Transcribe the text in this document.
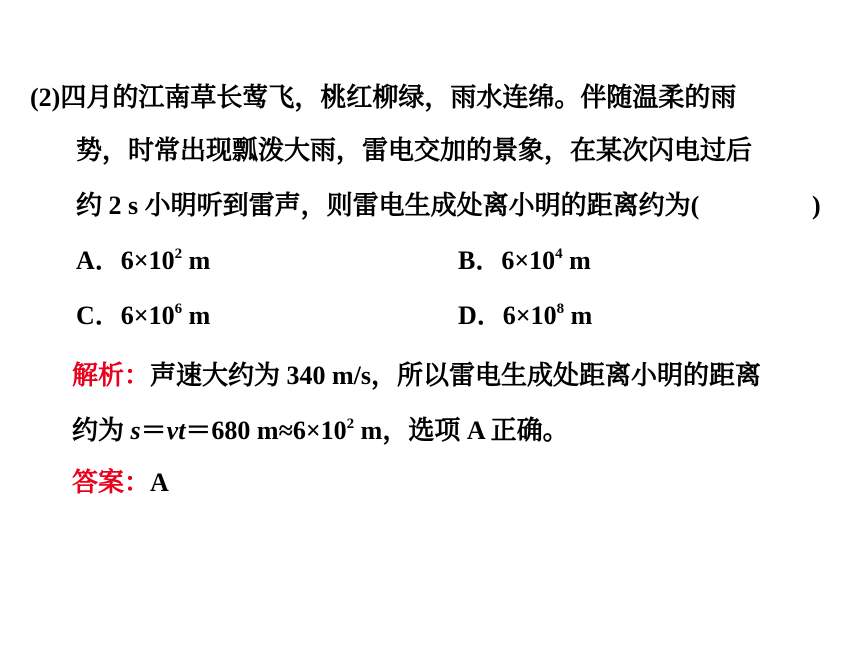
(2)四月的江南草长莺飞，桃红柳绿，雨水连绵。伴随温柔的雨
势，时常出现瓢泼大雨，雷电交加的景象，在某次闪电过后
约 2 s 小明听到雷声，则雷电生成处离小明的距离约为(	)
A．$6\times 10^2$ m	B．$6\times 10^4$ m
C．$6\times 10^6$ m	D．$6\times 10^8$ m
解析：声速大约为 340 m/s，所以雷电生成处距离小明的距离
约为 s＝vt＝680 $m\approx 6\times 10^2$ m，选项 A 正确。
答案：A
